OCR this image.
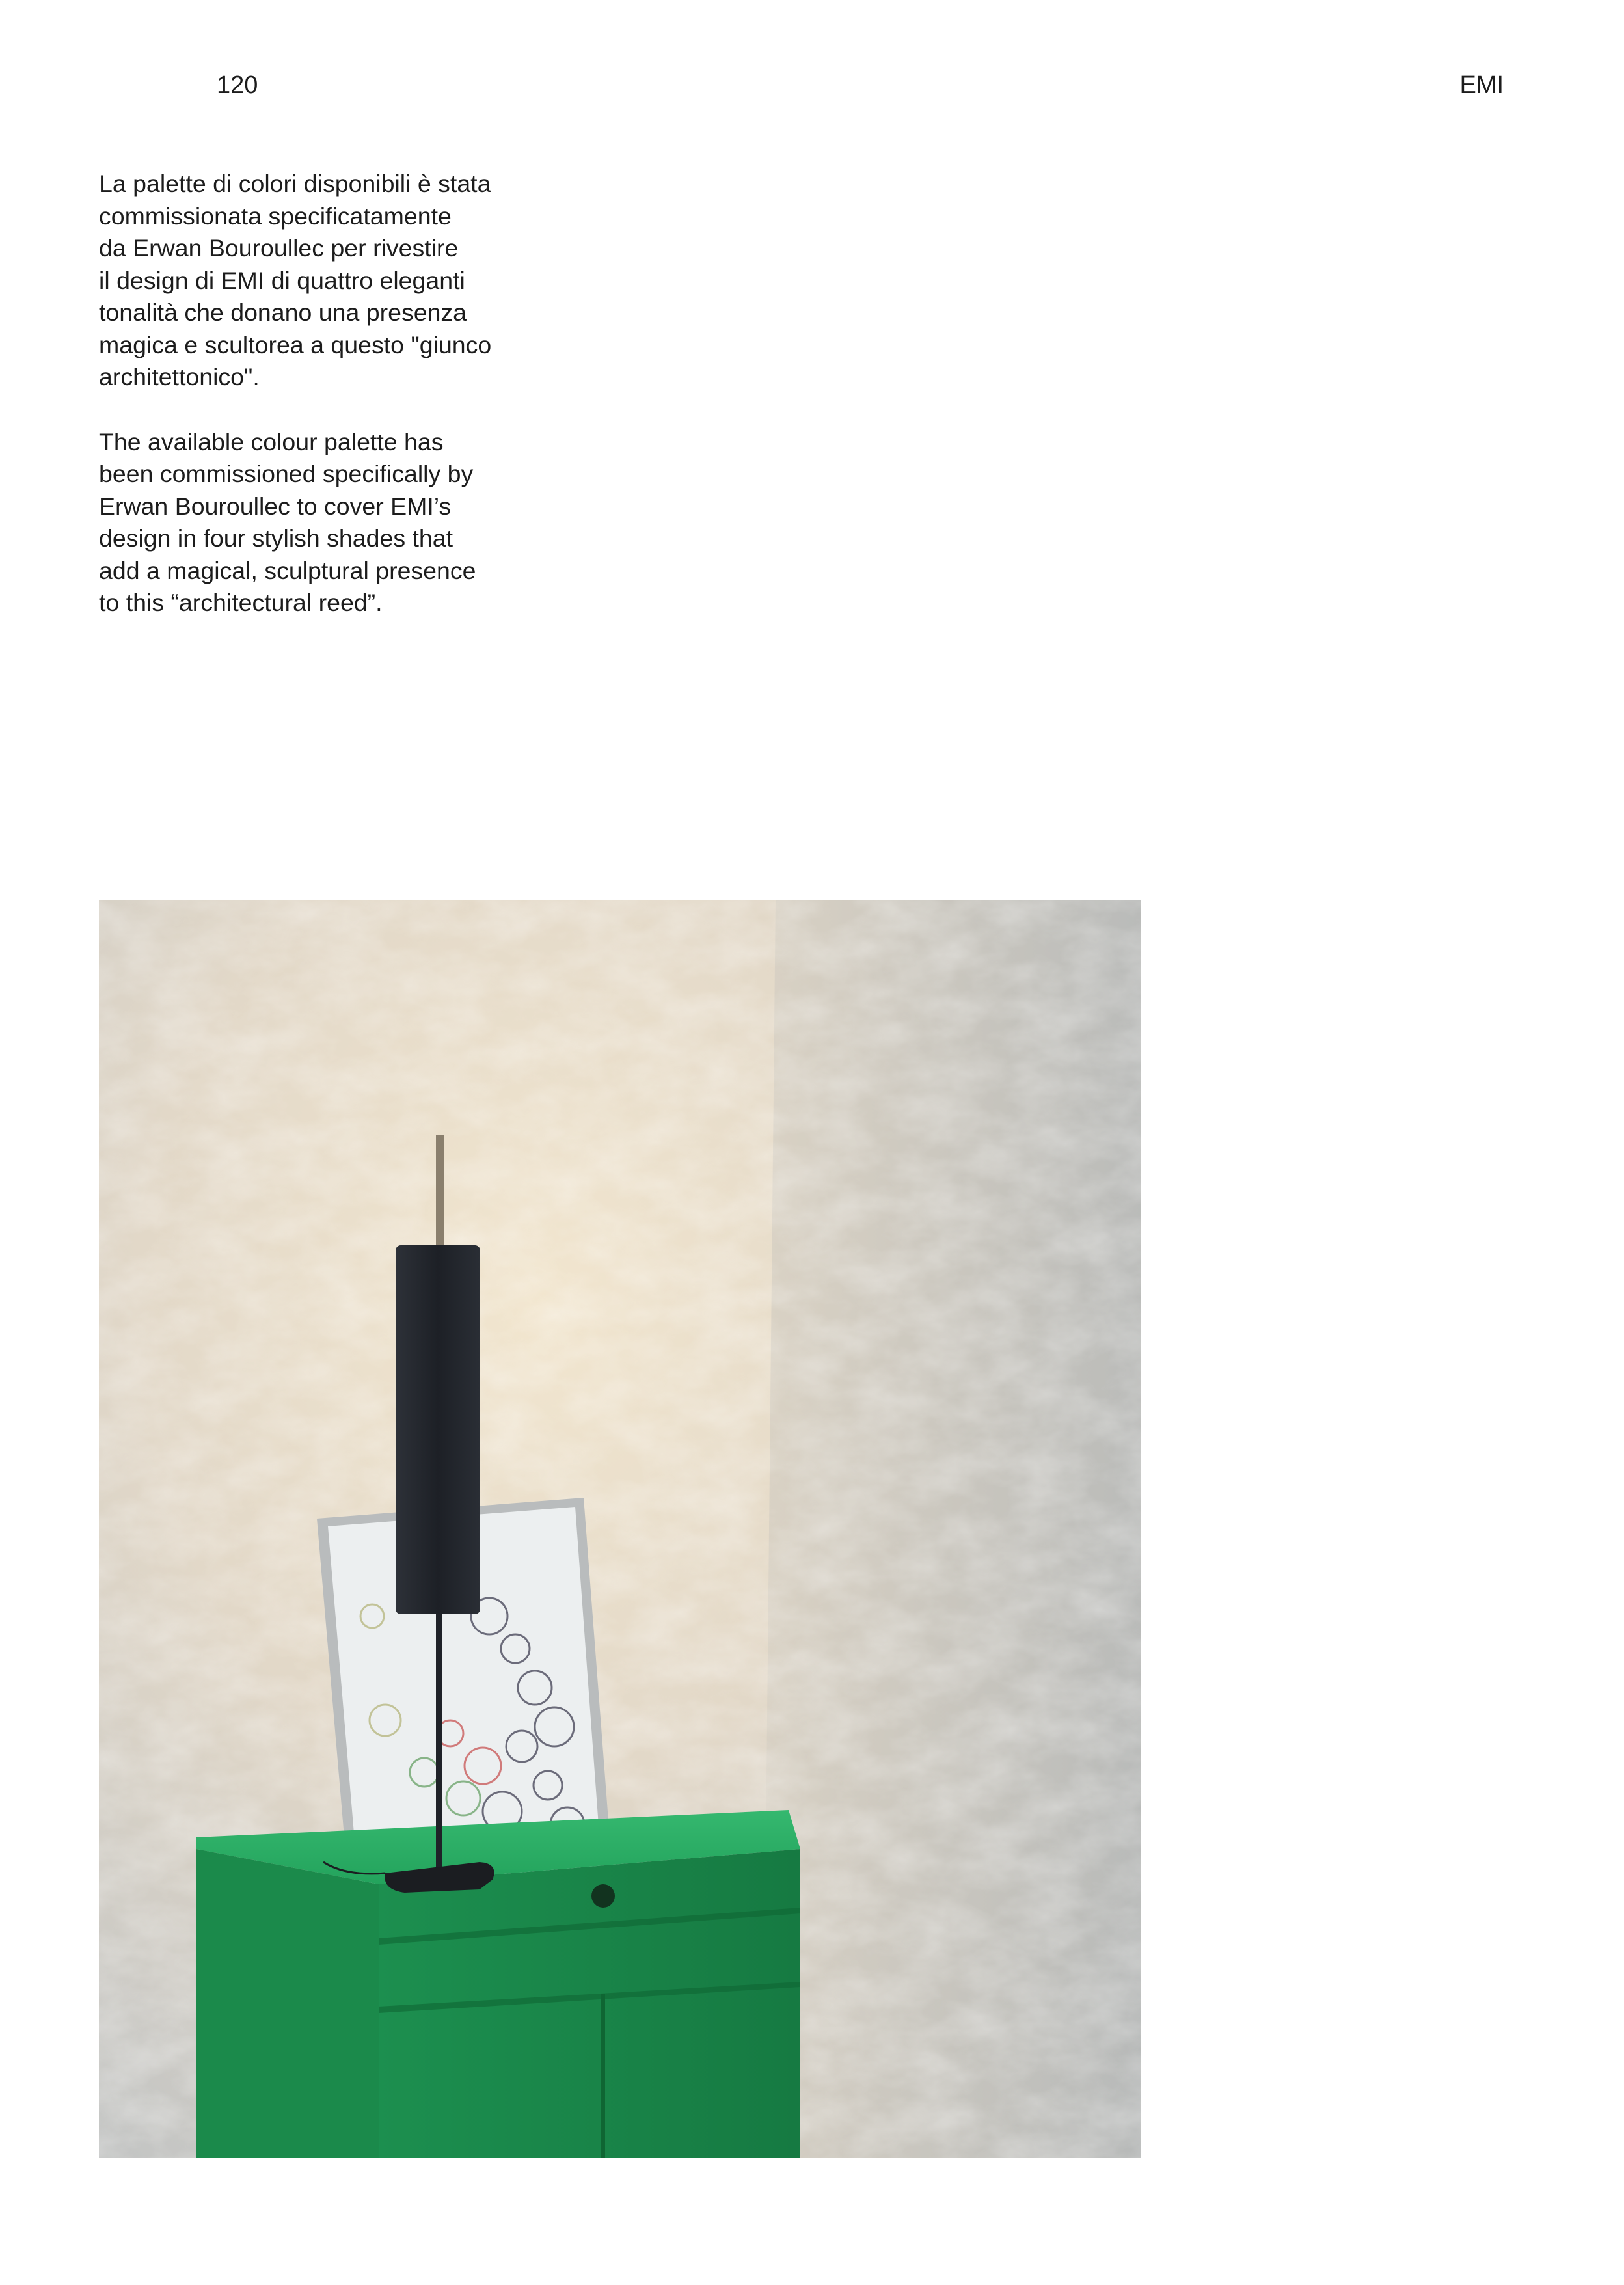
120	EMI

La palette di colori disponibili è stata
commissionata specificatamente
da Erwan Bouroullec per rivestire
il design di EMI di quattro eleganti
tonalità che donano una presenza
magica e scultorea a questo "giunco
architettonico".

The available colour palette has
been commissioned specifically by
Erwan Bouroullec to cover EMI’s
design in four stylish shades that
add a magical, sculptural presence
to this “architectural reed”.
